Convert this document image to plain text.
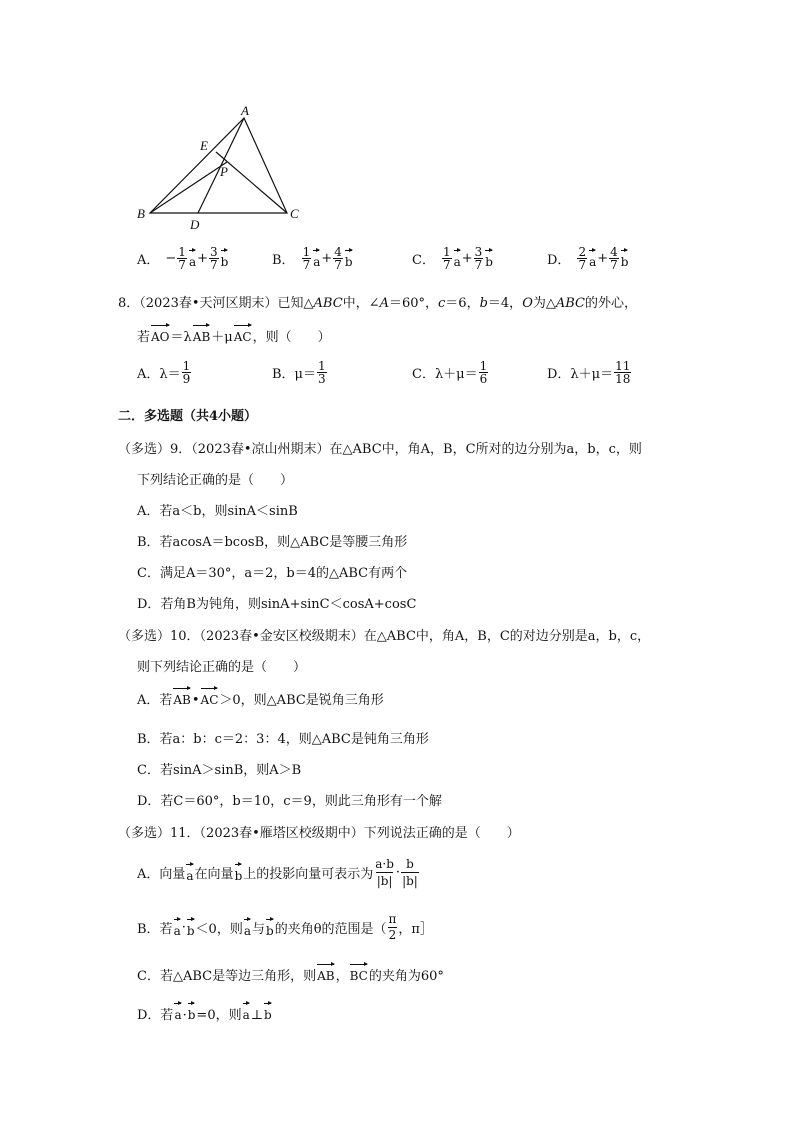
A
E
P
B
D
C
A． − $\frac{1}{7}$ $a + \frac{3}{7}$ b	B． $\frac{1}{7}$ $a + \frac{4}{7}$ b	C． $\frac{1}{7}$ $a + \frac{3}{7}$ b	D． $\frac{2}{7}$ $a + \frac{4}{7}$ b
8．（2023春•天河区期末）已知△ABC中，∠A＝60°，c＝6，b＝4，O为△ABC的外心，
若AO＝λAB＋μAC，则（　　）
A．$\lambda= \frac{1}{9}$	B．$\mu= \frac{1}{3}$	C．$\lambda+\mu= \frac{1}{6}$	D．$\lambda+\mu= \frac{11}{18}$
二．多选题（共4小题）
（多选）9．（2023春•凉山州期末）在△ABC中，角A，B，C所对的边分别为a，b，c，则
下列结论正确的是（　　）
A．若a＜b，则sinA＜sinB
B．若acosA＝bcosB，则△ABC是等腰三角形
C．满足A＝30°，a＝2，b＝4的△ABC有两个
D．若角B为钝角，则sinA+sinC＜cosA+cosC
（多选）10．（2023春•金安区校级期末）在△ABC中，角A，B，C的对边分别是a，b，c，
则下列结论正确的是（　　）
A．若AB•AC＞0，则△ABC是锐角三角形
B．若a：b：c＝2：3：4，则△ABC是钝角三角形
C．若sinA＞sinB，则A＞B
D．若C＝60°，b＝10，c＝9，则此三角形有一个解
（多选）11．（2023春•雁塔区校级期中）下列说法正确的是（　　）
A．向量 a 在向量 b 上的投影向量可表示为 $\frac{a\cdot b}{|b|} \cdot \frac{b}{|b|}$
B．若 a · b ＜0，则 a 与 b 的夹角θ的范围是（ $\frac{\pi}{2}$ ，π］
C．若△ABC是等边三角形，则AB，BC的夹角为60°
D．若a·b=0，则a⊥b
